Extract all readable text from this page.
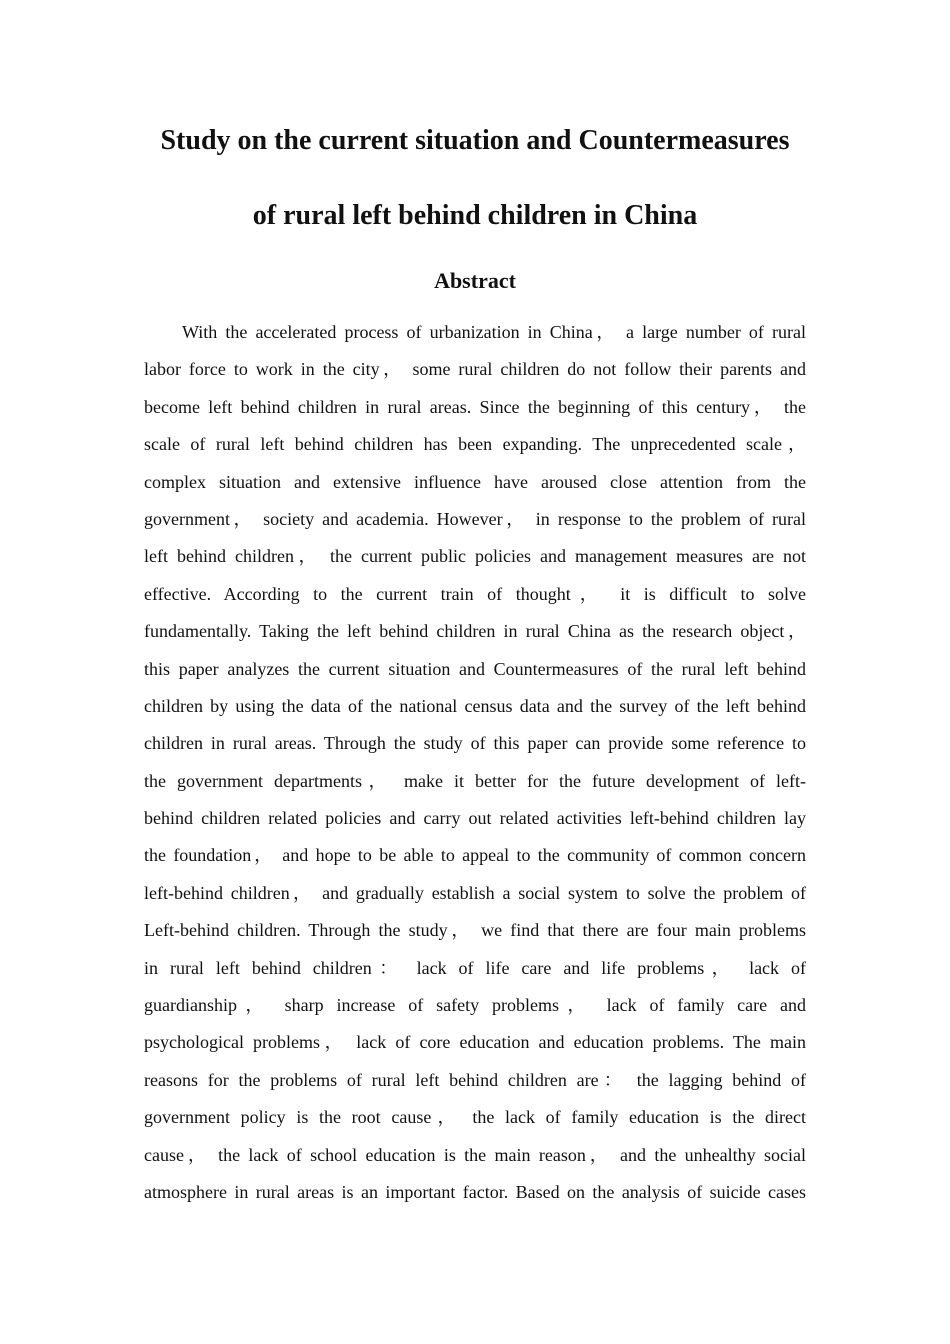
Study on the current situation and Countermeasures
of rural left behind children in China
Abstract
With the accelerated process of urbanization in China， a large number of rural
labor force to work in the city， some rural children do not follow their parents and
become left behind children in rural areas. Since the beginning of this century， the
scale of rural left behind children has been expanding. The unprecedented scale，
complex situation and extensive influence have aroused close attention from the
government， society and academia. However， in response to the problem of rural
left behind children， the current public policies and management measures are not
effective. According to the current train of thought， it is difficult to solve
fundamentally. Taking the left behind children in rural China as the research object，
this paper analyzes the current situation and Countermeasures of the rural left behind
children by using the data of the national census data and the survey of the left behind
children in rural areas. Through the study of this paper can provide some reference to
the government departments， make it better for the future development of left-
behind children related policies and carry out related activities left-behind children lay
the foundation， and hope to be able to appeal to the community of common concern
left-behind children， and gradually establish a social system to solve the problem of
Left-behind children. Through the study， we find that there are four main problems
in rural left behind children： lack of life care and life problems， lack of
guardianship， sharp increase of safety problems， lack of family care and
psychological problems， lack of core education and education problems. The main
reasons for the problems of rural left behind children are： the lagging behind of
government policy is the root cause， the lack of family education is the direct
cause， the lack of school education is the main reason， and the unhealthy social
atmosphere in rural areas is an important factor. Based on the analysis of suicide cases
